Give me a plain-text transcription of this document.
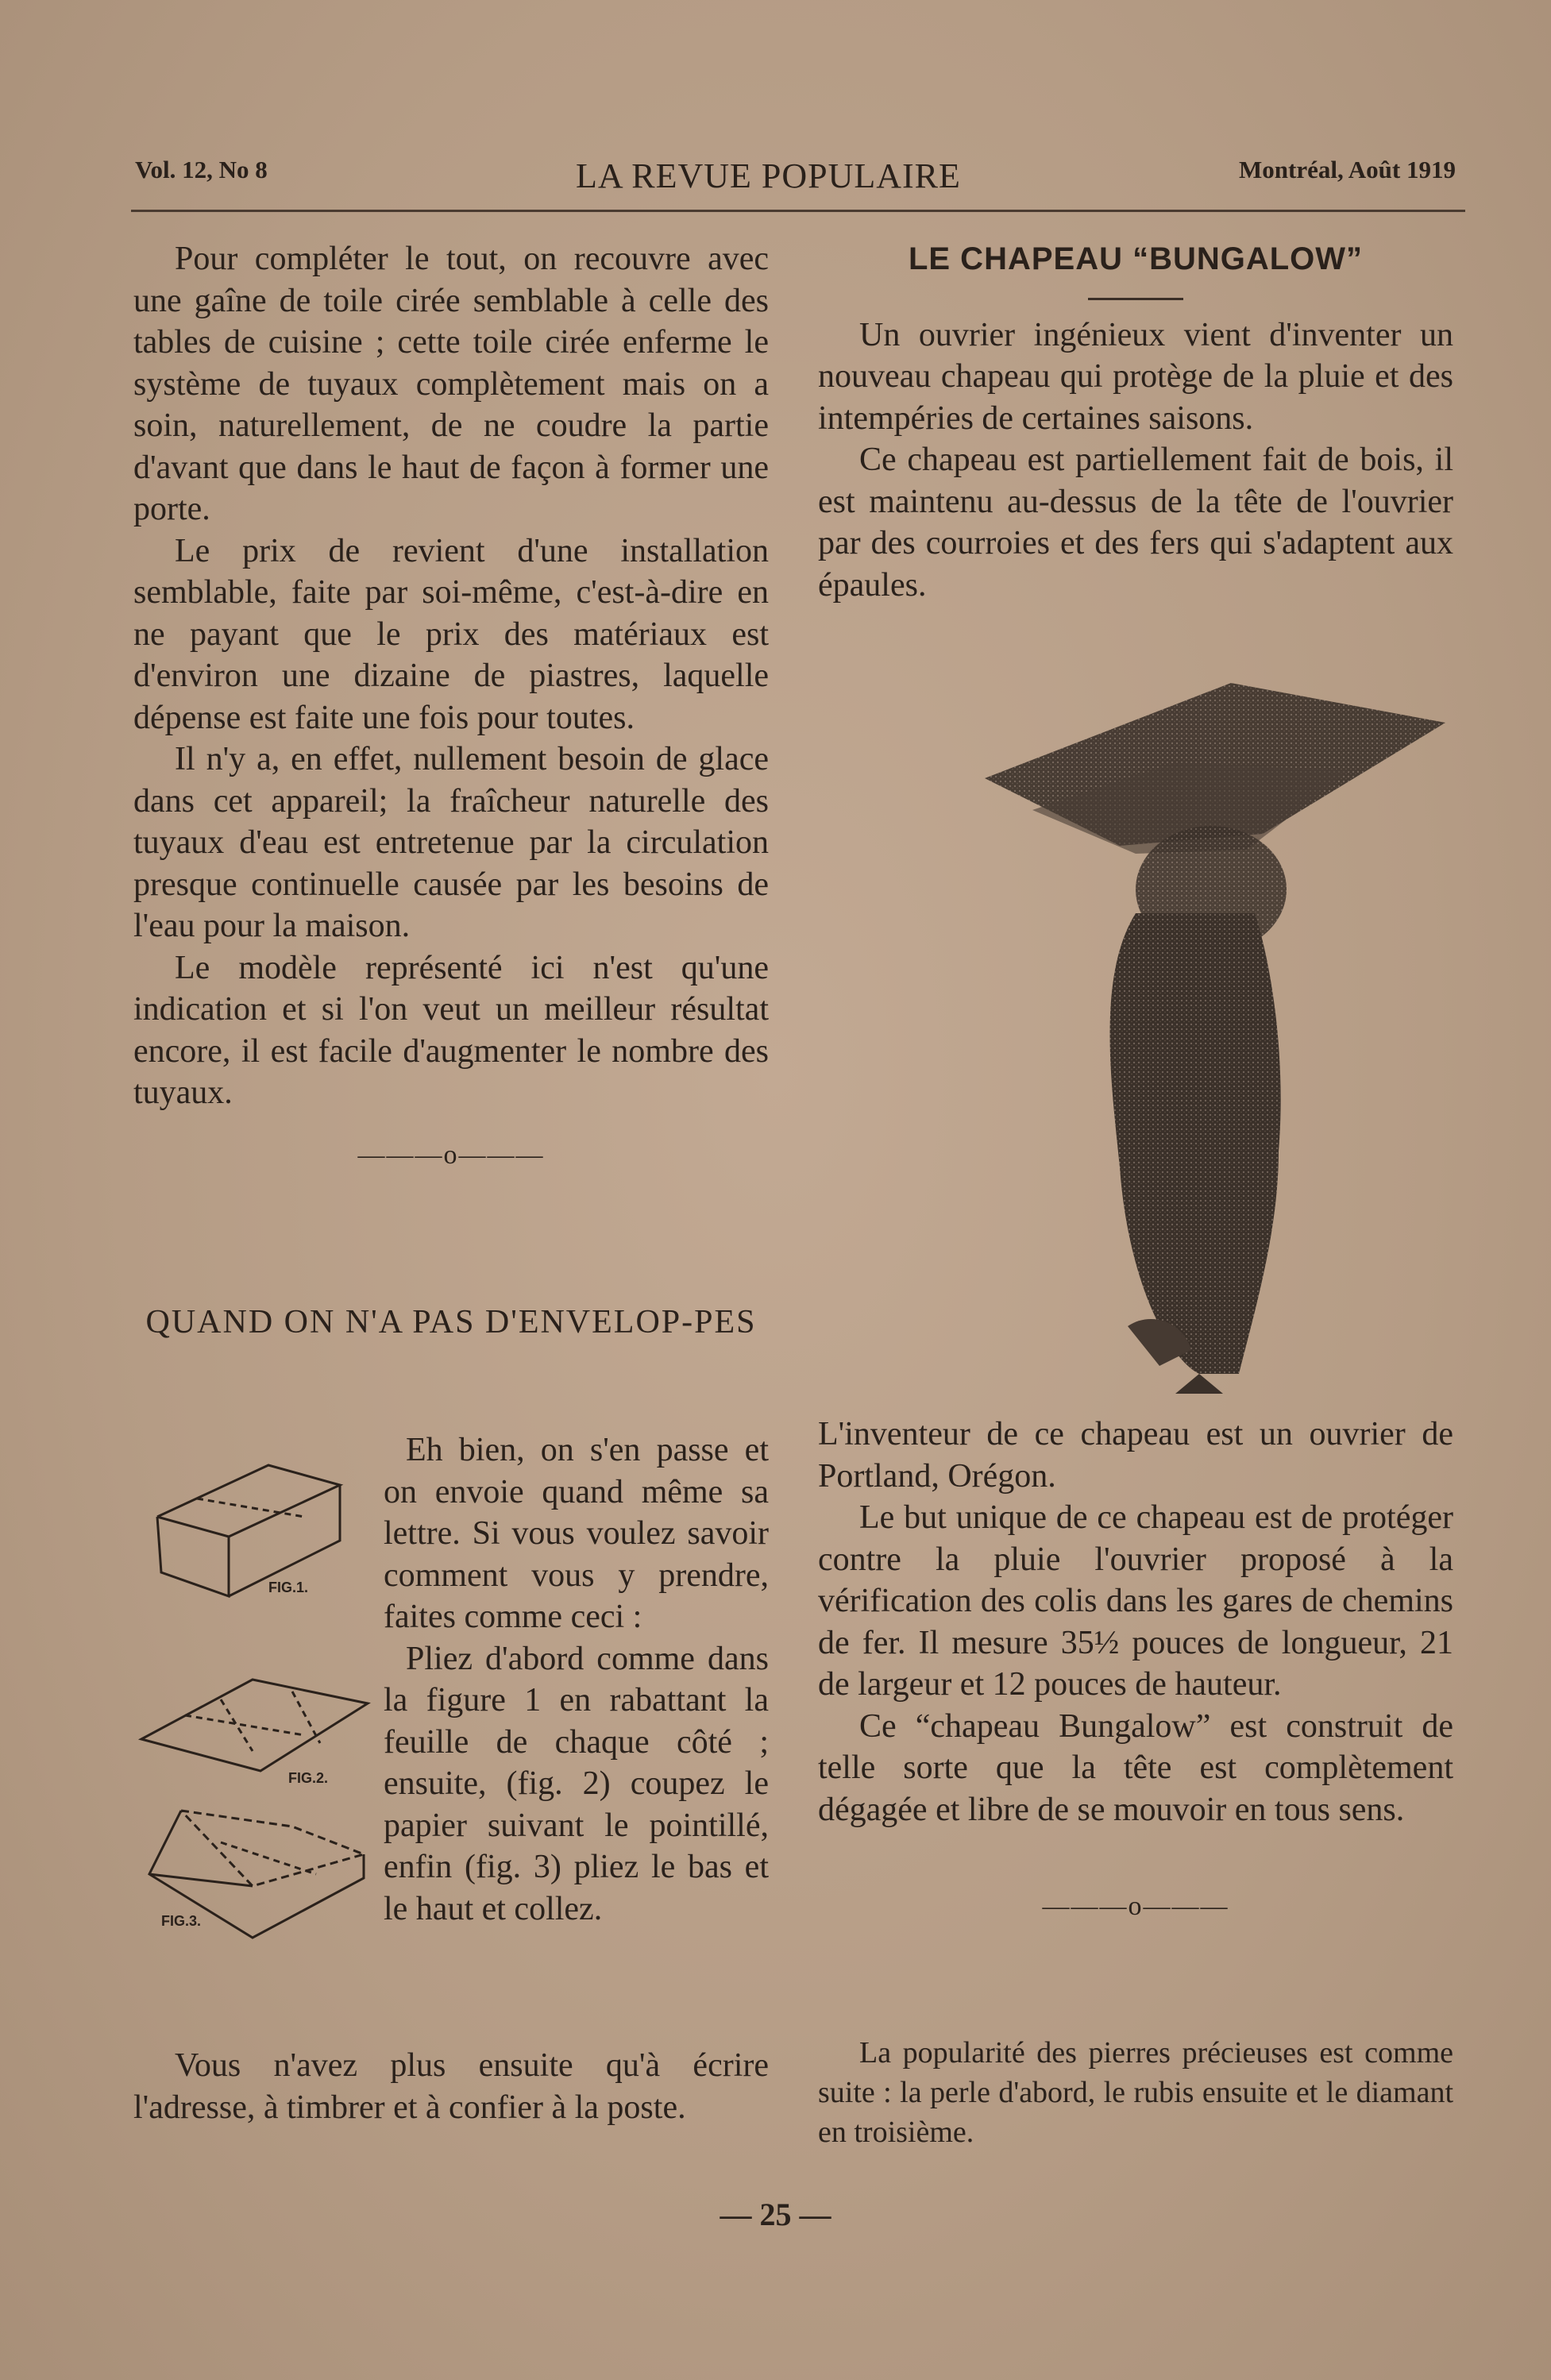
Vol. 12, No 8	LA REVUE POPULAIRE	Montréal, Août 1919

Pour compléter le tout, on recouvre avec une gaîne de toile cirée semblable à celle des tables de cuisine ; cette toile cirée enferme le système de tuyaux complètement mais on a soin, naturellement, de ne coudre la partie d'avant que dans le haut de façon à former une porte.

Le prix de revient d'une installation semblable, faite par soi-même, c'est-à-dire en ne payant que le prix des matériaux est d'environ une dizaine de piastres, laquelle dépense est faite une fois pour toutes.

Il n'y a, en effet, nullement besoin de glace dans cet appareil; la fraîcheur naturelle des tuyaux d'eau est entretenue par la circulation presque continuelle causée par les besoins de l'eau pour la maison.

Le modèle représenté ici n'est qu'une indication et si l'on veut un meilleur résultat encore, il est facile d'augmenter le nombre des tuyaux.

———o———
QUAND ON N'A PAS D'ENVELOP-PES
FIG.1.
FIG.2.
FIG.3.

Eh bien, on s'en passe et on envoie quand même sa lettre. Si vous voulez savoir comment vous y prendre, faites comme ceci :

Pliez d'abord comme dans la figure 1 en rabattant la feuille de chaque côté ; ensuite, (fig. 2) coupez le papier suivant le pointillé, enfin (fig. 3) pliez le bas et le haut et collez.

Vous n'avez plus ensuite qu'à écrire l'adresse, à timbrer et à confier à la poste.

LE CHAPEAU “BUNGALOW”

Un ouvrier ingénieux vient d'inventer un nouveau chapeau qui protège de la pluie et des intempéries de certaines saisons.

Ce chapeau est partiellement fait de bois, il est maintenu au-dessus de la tête de l'ouvrier par des courroies et des fers qui s'adaptent aux épaules.

L'inventeur de ce chapeau est un ouvrier de Portland, Orégon.

Le but unique de ce chapeau est de protéger contre la pluie l'ouvrier proposé à la vérification des colis dans les gares de chemins de fer. Il mesure 35½ pouces de longueur, 21 de largeur et 12 pouces de hauteur.

Ce “chapeau Bungalow” est construit de telle sorte que la tête est complètement dégagée et libre de se mouvoir en tous sens.

———o———

La popularité des pierres précieuses est comme suite : la perle d'abord, le rubis ensuite et le diamant en troisième.

— 25 —
